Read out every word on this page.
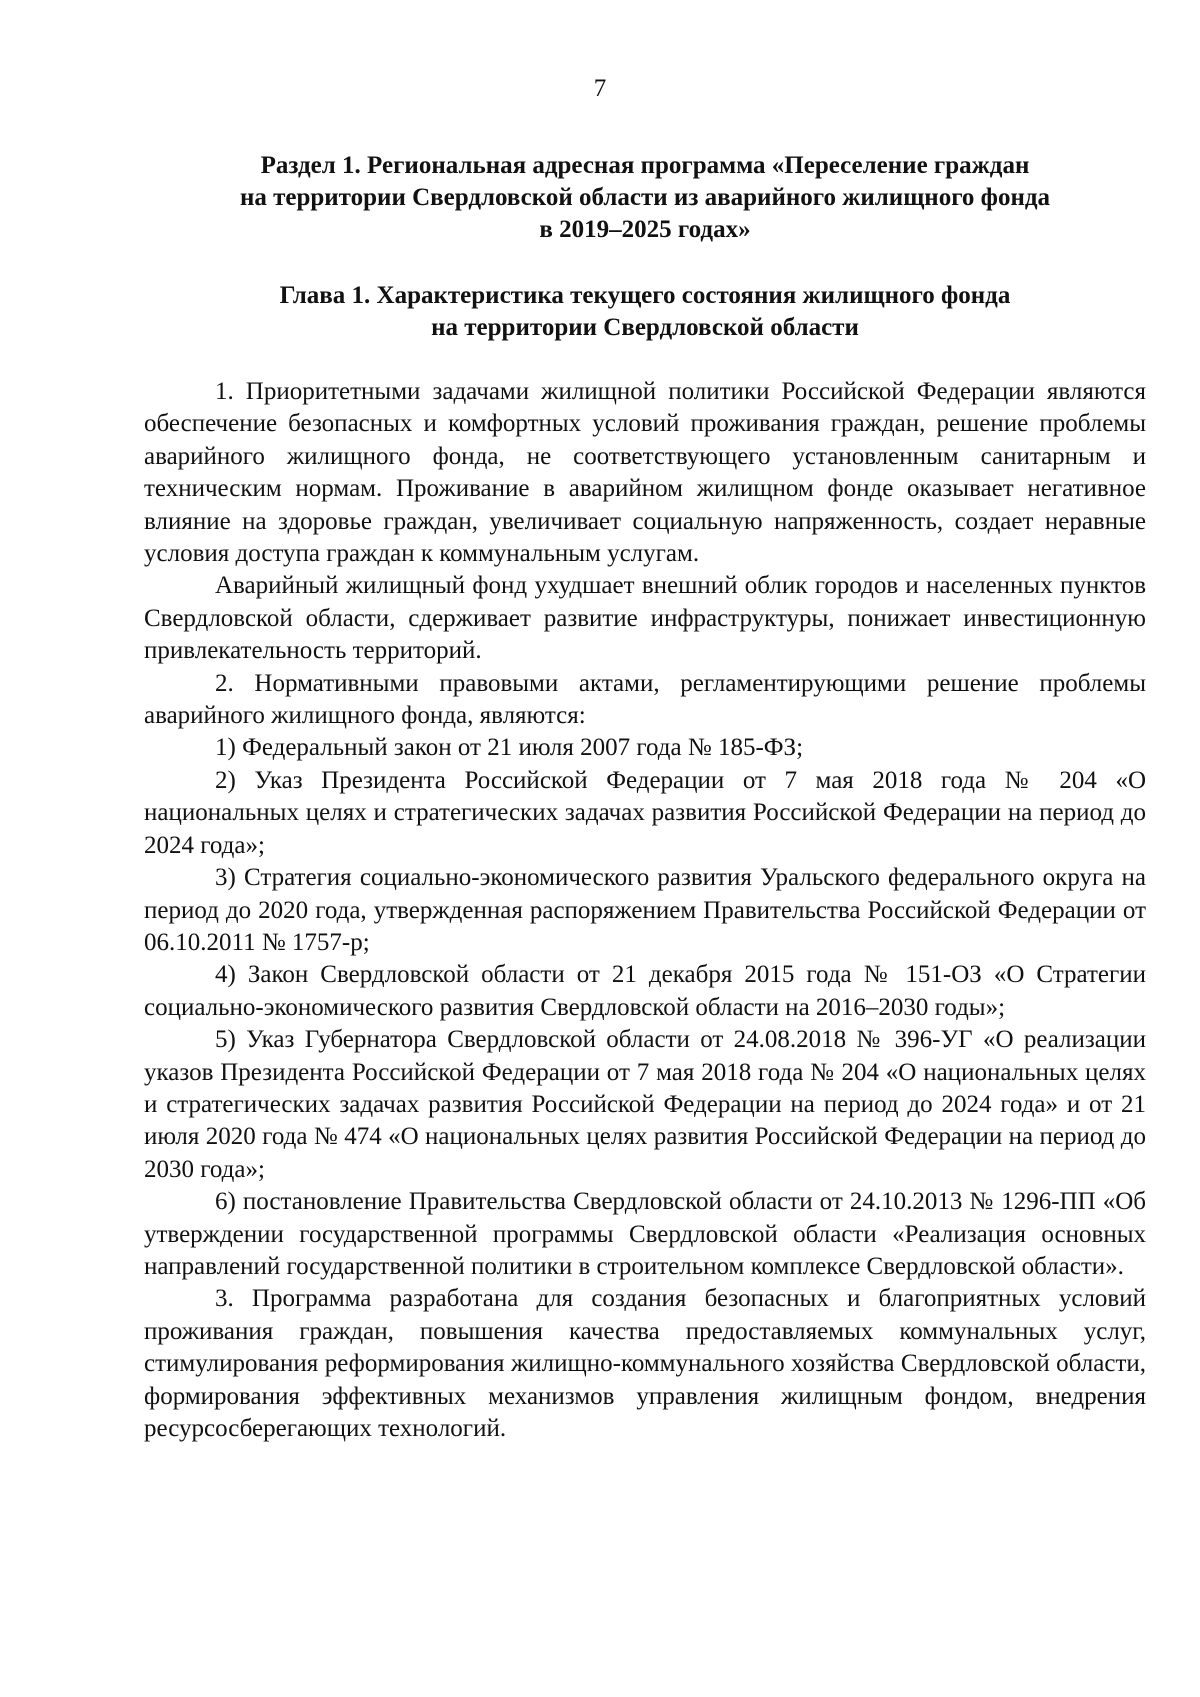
7
Раздел 1. Региональная адресная программа «Переселение граждан
на территории Свердловской области из аварийного жилищного фонда
в 2019–2025 годах»
Глава 1. Характеристика текущего состояния жилищного фонда
на территории Свердловской области

1. Приоритетными задачами жилищной политики Российской Федерации являются обеспечение безопасных и комфортных условий проживания граждан, решение проблемы аварийного жилищного фонда, не соответствующего установленным санитарным и техническим нормам. Проживание в аварийном жилищном фонде оказывает негативное влияние на здоровье граждан, увеличивает социальную напряженность, создает неравные условия доступа граждан к коммунальным услугам.

Аварийный жилищный фонд ухудшает внешний облик городов и населенных пунктов Свердловской области, сдерживает развитие инфраструктуры, понижает инвестиционную привлекательность территорий.

2. Нормативными правовыми актами, регламентирующими решение проблемы аварийного жилищного фонда, являются:

1) Федеральный закон от 21 июля 2007 года № 185-ФЗ;

2) Указ Президента Российской Федерации от 7 мая 2018 года № 204 «О национальных целях и стратегических задачах развития Российской Федерации на период до 2024 года»;

3) Стратегия социально-экономического развития Уральского федерального округа на период до 2020 года, утвержденная распоряжением Правительства Российской Федерации от 06.10.2011 № 1757-р;

4) Закон Свердловской области от 21 декабря 2015 года № 151-ОЗ «О Стратегии социально-экономического развития Свердловской области на 2016–2030 годы»;

5) Указ Губернатора Свердловской области от 24.08.2018 № 396-УГ «О реализации указов Президента Российской Федерации от 7 мая 2018 года № 204 «О национальных целях и стратегических задачах развития Российской Федерации на период до 2024 года» и от 21 июля 2020 года № 474 «О национальных целях развития Российской Федерации на период до 2030 года»;

6) постановление Правительства Свердловской области от 24.10.2013 № 1296-ПП «Об утверждении государственной программы Свердловской области «Реализация основных направлений государственной политики в строительном комплексе Свердловской области».

3. Программа разработана для создания безопасных и благоприятных условий проживания граждан, повышения качества предоставляемых коммунальных услуг, стимулирования реформирования жилищно-коммунального хозяйства Свердловской области, формирования эффективных механизмов управления жилищным фондом, внедрения ресурсосберегающих технологий.
